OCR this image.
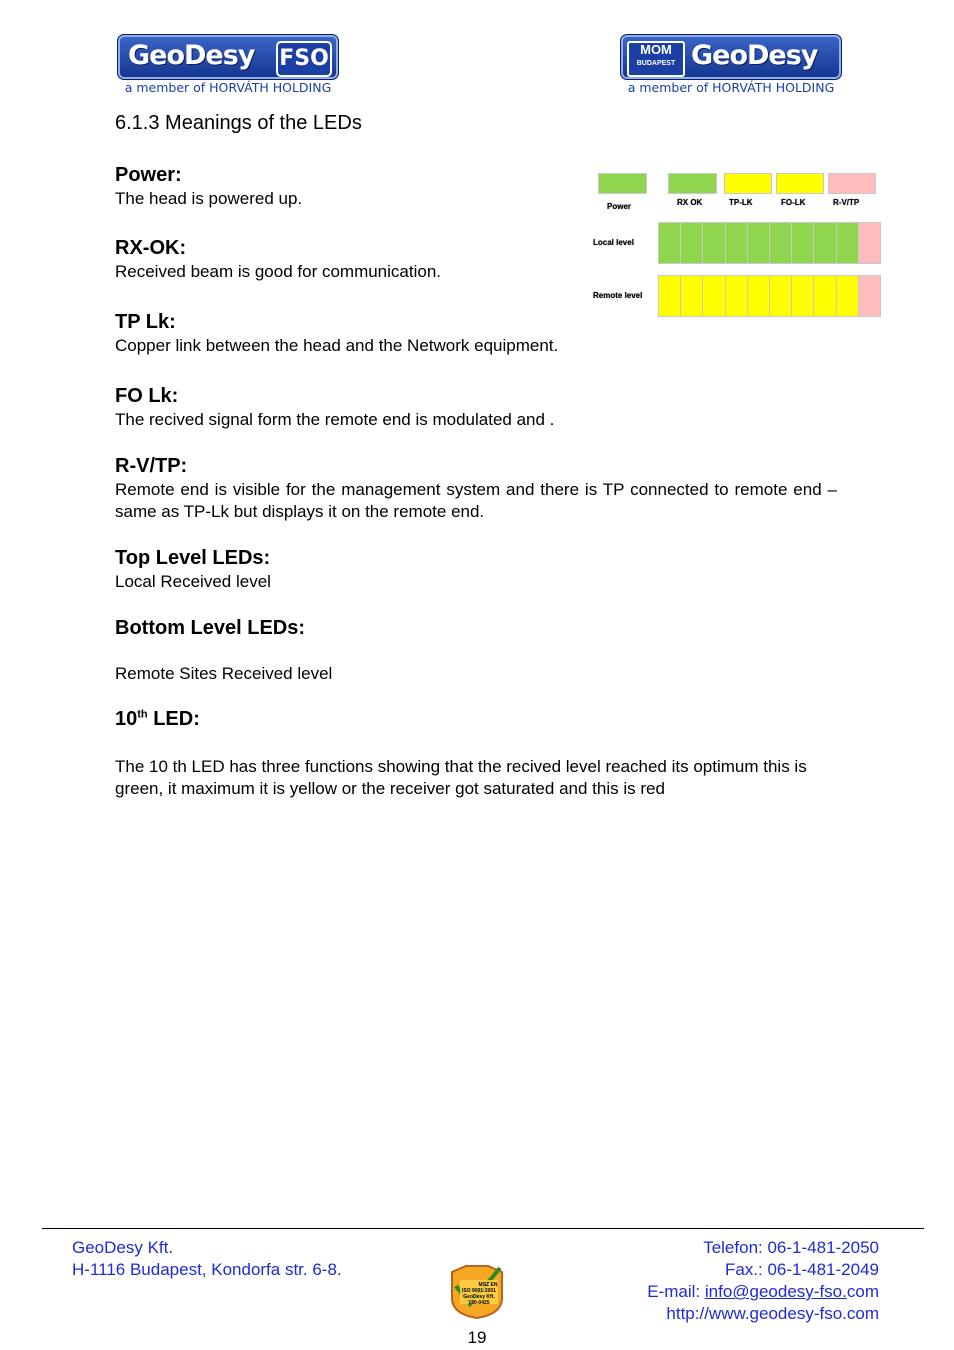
GeoDesy FSO
a member of HORVÁTH HOLDING
MOM
BUDAPEST GeoDesy
a member of HORVÁTH HOLDING
6.1.3 Meanings of the LEDs
Power:
The head is powered up.
RX-OK:
Received beam is good for communication.
TP Lk:
Copper link between the head and the Network equipment.
FO Lk:
The recived signal form the remote end is modulated and .
R-V/TP:
Remote end is visible for the management system and there is TP connected to remote end – same as TP-Lk but displays it on the remote end.
Top Level LEDs:
Local Received level
Bottom Level LEDs:
Remote Sites Received level
10th LED:
The 10 th LED has three functions showing that the recived level reached its optimum this is green, it maximum it is yellow or the receiver got saturated and this is red
Power	RX OK	TP-LK	FO-LK	R-V/TP
Local level
Remote level
GeoDesy Kft.
H-1116 Budapest, Kondorfa str. 6-8.
Telefon: 06-1-481-2050
Fax.: 06-1-481-2049
E-mail: info@geodesy-fso.com
http://www.geodesy-fso.com
MSZ EN
ISO 9001:2001
GeoDesy Kft.
180-0425
19
